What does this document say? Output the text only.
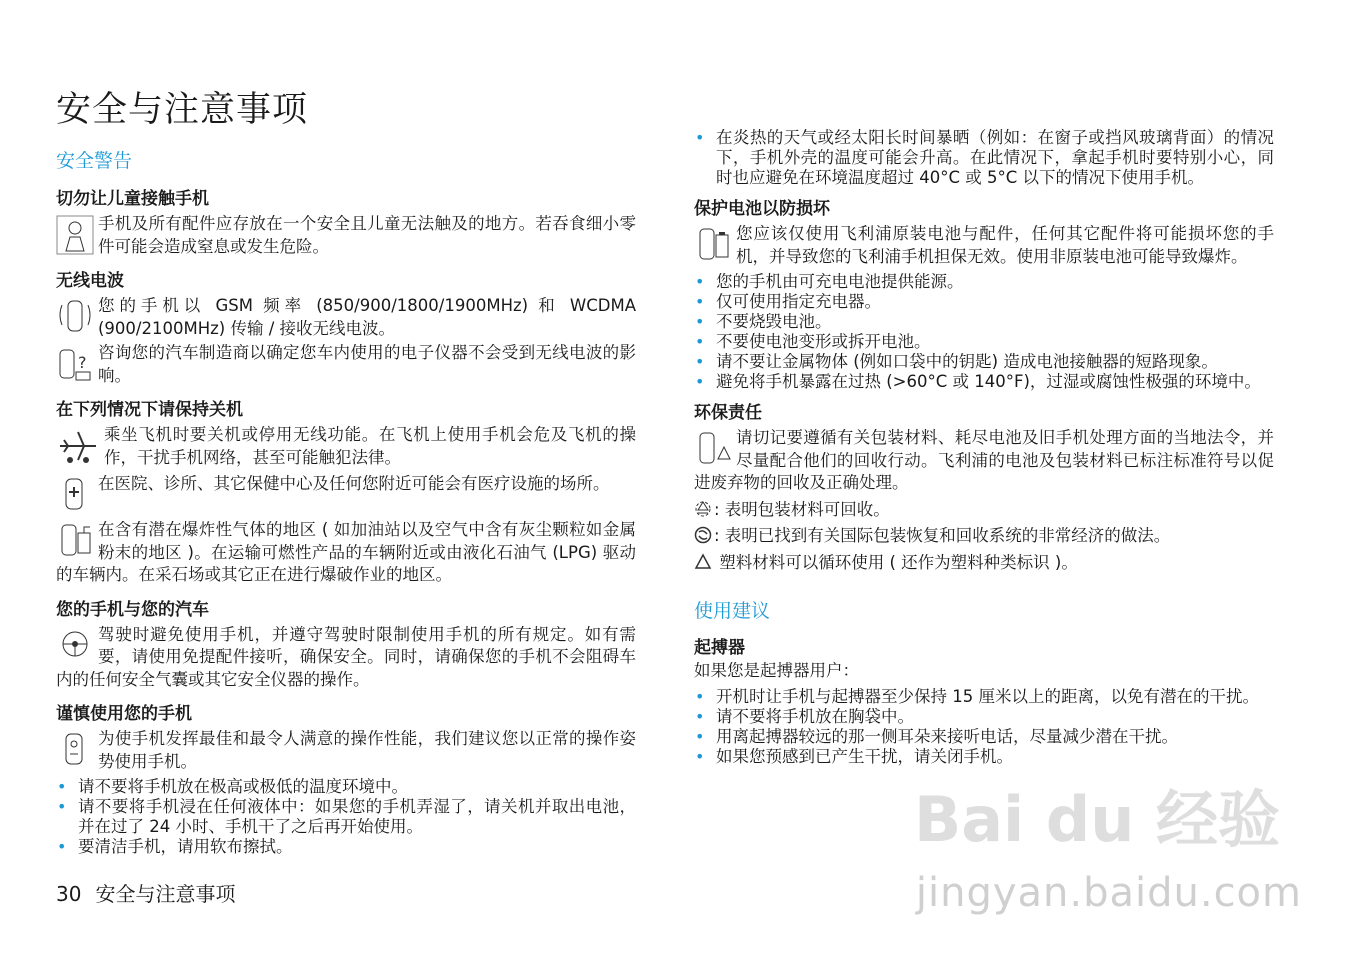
安全与注意事项
安全警告
切勿让儿童接触手机

手机及所有配件应存放在一个安全且儿童无法触及的地方。若吞食细小零件可能会造成窒息或发生危险。

无线电波

您的手机以 GSM 频率 (850/900/1800/1900MHz) 和 WCDMA (900/2100MHz) 传输 / 接收无线电波。

?

咨询您的汽车制造商以确定您车内使用的电子仪器不会受到无线电波的影响。

在下列情况下请保持关机

乘坐飞机时要关机或停用无线功能。在飞机上使用手机会危及飞机的操作，干扰手机网络，甚至可能触犯法律。

在医院、诊所、其它保健中心及任何您附近可能会有医疗设施的场所。

在含有潜在爆炸性气体的地区 ( 如加油站以及空气中含有灰尘颗粒如金属粉末的地区 )。在运输可燃性产品的车辆附近或由液化石油气 (LPG) 驱动的车辆内。在采石场或其它正在进行爆破作业的地区。

您的手机与您的汽车

驾驶时避免使用手机，并遵守驾驶时限制使用手机的所有规定。如有需要，请使用免提配件接听，确保安全。同时，请确保您的手机不会阻碍车内的任何安全气囊或其它安全仪器的操作。

谨慎使用您的手机

为使手机发挥最佳和最令人满意的操作性能，我们建议您以正常的操作姿势使用手机。

• 请不要将手机放在极高或极低的温度环境中。
• 请不要将手机浸在任何液体中：如果您的手机弄湿了，请关机并取出电池，并在过了 24 小时、手机干了之后再开始使用。
• 要清洁手机，请用软布擦拭。
• 在炎热的天气或经太阳长时间暴晒（例如：在窗子或挡风玻璃背面）的情况下，手机外壳的温度可能会升高。在此情况下，拿起手机时要特别小心，同时也应避免在环境温度超过 40°C 或 5°C 以下的情况下使用手机。
保护电池以防损坏

您应该仅使用飞利浦原装电池与配件，任何其它配件将可能损坏您的手机，并导致您的飞利浦手机担保无效。使用非原装电池可能导致爆炸。

• 您的手机由可充电电池提供能源。
• 仅可使用指定充电器。
• 不要烧毁电池。
• 不要使电池变形或拆开电池。
• 请不要让金属物体 (例如口袋中的钥匙) 造成电池接触器的短路现象。
• 避免将手机暴露在过热 (>60°C 或 140°F)，过湿或腐蚀性极强的环境中。
环保责任

请切记要遵循有关包装材料、耗尽电池及旧手机处理方面的当地法令，并尽量配合他们的回收行动。飞利浦的电池及包装材料已标注标准符号以促进废弃物的回收及正确处理。

: 表明包装材料可回收。
: 表明已找到有关国际包装恢复和回收系统的非常经济的做法。
塑料材料可以循环使用 ( 还作为塑料种类标识 )。
使用建议
起搏器
如果您是起搏器用户：
• 开机时让手机与起搏器至少保持 15 厘米以上的距离，以免有潜在的干扰。
• 请不要将手机放在胸袋中。
• 用离起搏器较远的那一侧耳朵来接听电话，尽量减少潜在干扰。
• 如果您预感到已产生干扰，请关闭手机。
Bai du 经验
jingyan.baidu.com
30 安全与注意事项
